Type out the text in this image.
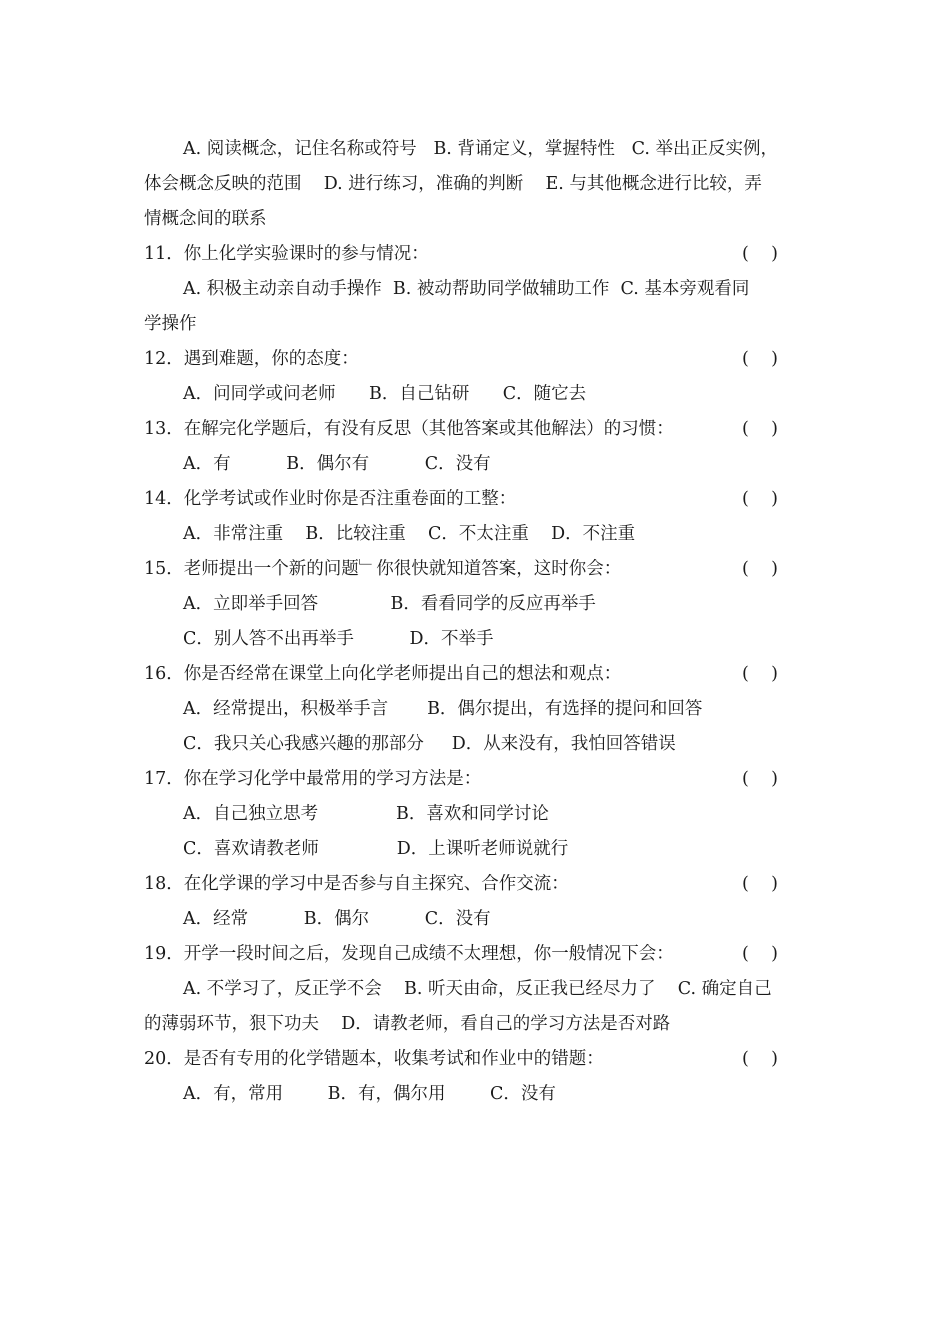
A. 阅读概念，记住名称或符号   B. 背诵定义，掌握特性   C. 举出正反实例，
体会概念反映的范围    D. 进行练习，准确的判断    E. 与其他概念进行比较，弄
情概念间的联系
11．你上化学实验课时的参与情况：	(    )
A. 积极主动亲自动手操作  B. 被动帮助同学做辅助工作  C. 基本旁观看同
学操作
12．遇到难题，你的态度：	(    )
A．问同学或问老师      B．自己钻研      C．随它去
13．在解完化学题后，有没有反思（其他答案或其他解法）的习惯：	(    )
A．有          B．偶尔有          C．没有
14．化学考试或作业时你是否注重卷面的工整：	(    )
A．非常注重    B．比较注重    C．不太注重    D．不注重
15．老师提出一个新的问题﹂你很快就知道答案，这时你会：	(    )
A．立即举手回答             B．看看同学的反应再举手
C．别人答不出再举手          D．不举手
16．你是否经常在课堂上向化学老师提出自己的想法和观点：	(    )
A．经常提出，积极举手言       B．偶尔提出，有选择的提问和回答
C．我只关心我感兴趣的那部分     D．从来没有，我怕回答错误
17．你在学习化学中最常用的学习方法是：	(    )
A．自己独立思考              B．喜欢和同学讨论
C．喜欢请教老师              D．上课听老师说就行
18．在化学课的学习中是否参与自主探究、合作交流：	(    )
A．经常          B．偶尔          C．没有
19．开学一段时间之后，发现自己成绩不太理想，你一般情况下会：	(    )
A. 不学习了，反正学不会    B. 听天由命，反正我已经尽力了    C. 确定自己
的薄弱环节，狠下功夫    D．请教老师，看自己的学习方法是否对路
20．是否有专用的化学错题本，收集考试和作业中的错题：	(    )
A．有，常用        B．有，偶尔用        C．没有
